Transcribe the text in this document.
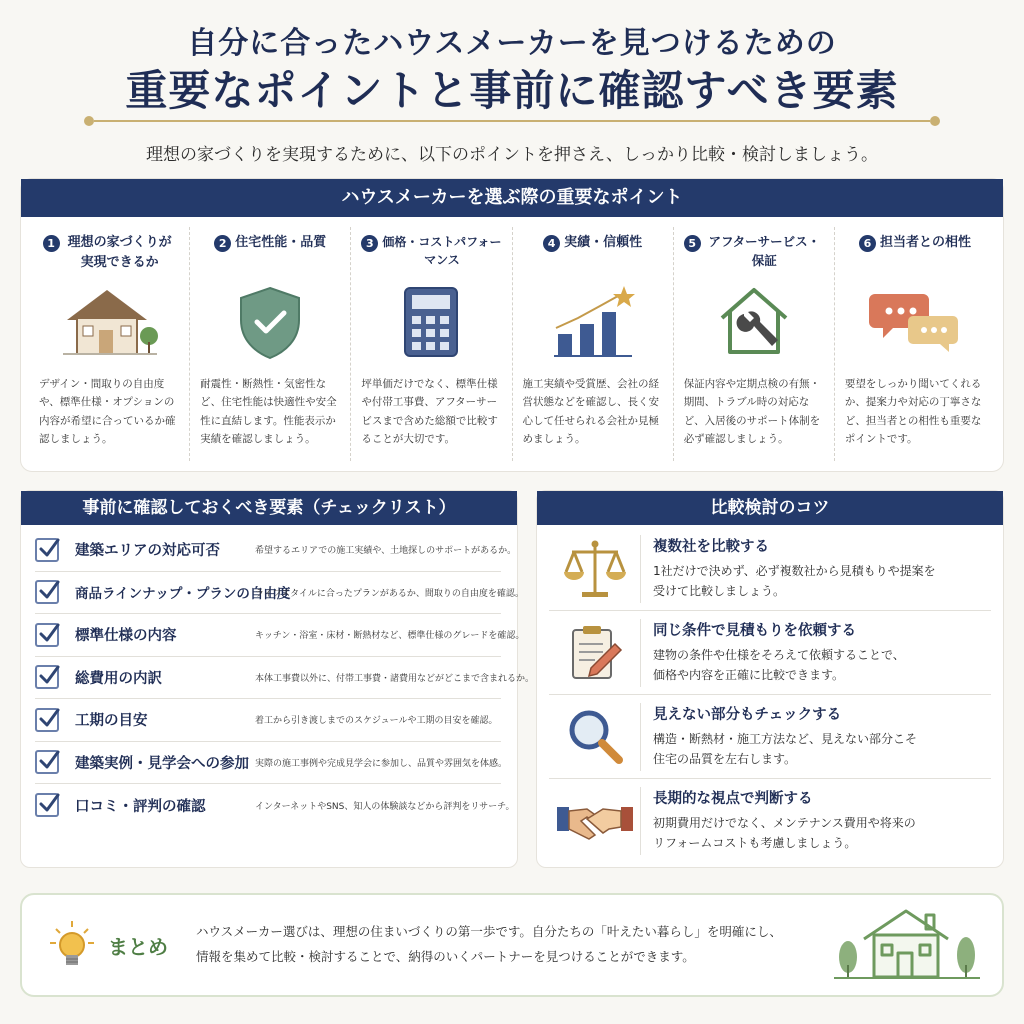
自分に合ったハウスメーカーを見つけるための
重要なポイントと事前に確認すべき要素
理想の家づくりを実現するために、以下のポイントを押さえ、しっかり比較・検討しましょう。
ハウスメーカーを選ぶ際の重要なポイント
1 理想の家づくりが実現できるか
デザイン・間取りの自由度や、標準仕様・オプションの内容が希望に合っているか確認しましょう。
2 住宅性能・品質
耐震性・断熱性・気密性など、住宅性能は快適性や安全性に直結します。性能表示か実績を確認しましょう。
3 価格・コストパフォーマンス
坪単価だけでなく、標準仕様や付帯工事費、アフターサービスまで含めた総額で比較することが大切です。
4 実績・信頼性
施工実績や受賞歴、会社の経営状態などを確認し、長く安心して任せられる会社か見極めましょう。
5 アフターサービス・保証
保証内容や定期点検の有無・期間、トラブル時の対応など、入居後のサポート体制を必ず確認しましょう。
6 担当者との相性
要望をしっかり聞いてくれるか、提案力や対応の丁寧さなど、担当者との相性も重要なポイントです。
事前に確認しておくべき要素（チェックリスト）
建築エリアの対応可否	希望するエリアでの施工実績や、土地探しのサポートがあるか。
商品ラインナップ・プランの自由度
ライフスタイルに合ったプランがあるか、間取りの自由度を確認。
標準仕様の内容	キッチン・浴室・床材・断熱材など、標準仕様のグレードを確認。
総費用の内訳	本体工事費以外に、付帯工事費・諸費用などがどこまで含まれるか。
工期の目安	着工から引き渡しまでのスケジュールや工期の目安を確認。
建築実例・見学会への参加 実際の施工事例や完成見学会に参加し、品質や雰囲気を体感。
口コミ・評判の確認	インターネットやSNS、知人の体験談などから評判をリサーチ。
比較検討のコツ
複数社を比較する
1社だけで決めず、必ず複数社から見積もりや提案を
受けて比較しましょう。
同じ条件で見積もりを依頼する
建物の条件や仕様をそろえて依頼することで、
価格や内容を正確に比較できます。
見えない部分もチェックする
構造・断熱材・施工方法など、見えない部分こそ
住宅の品質を左右します。
長期的な視点で判断する
初期費用だけでなく、メンテナンス費用や将来の
リフォームコストも考慮しましょう。
まとめ
ハウスメーカー選びは、理想の住まいづくりの第一歩です。自分たちの「叶えたい暮らし」を明確にし、
情報を集めて比較・検討することで、納得のいくパートナーを見つけることができます。
